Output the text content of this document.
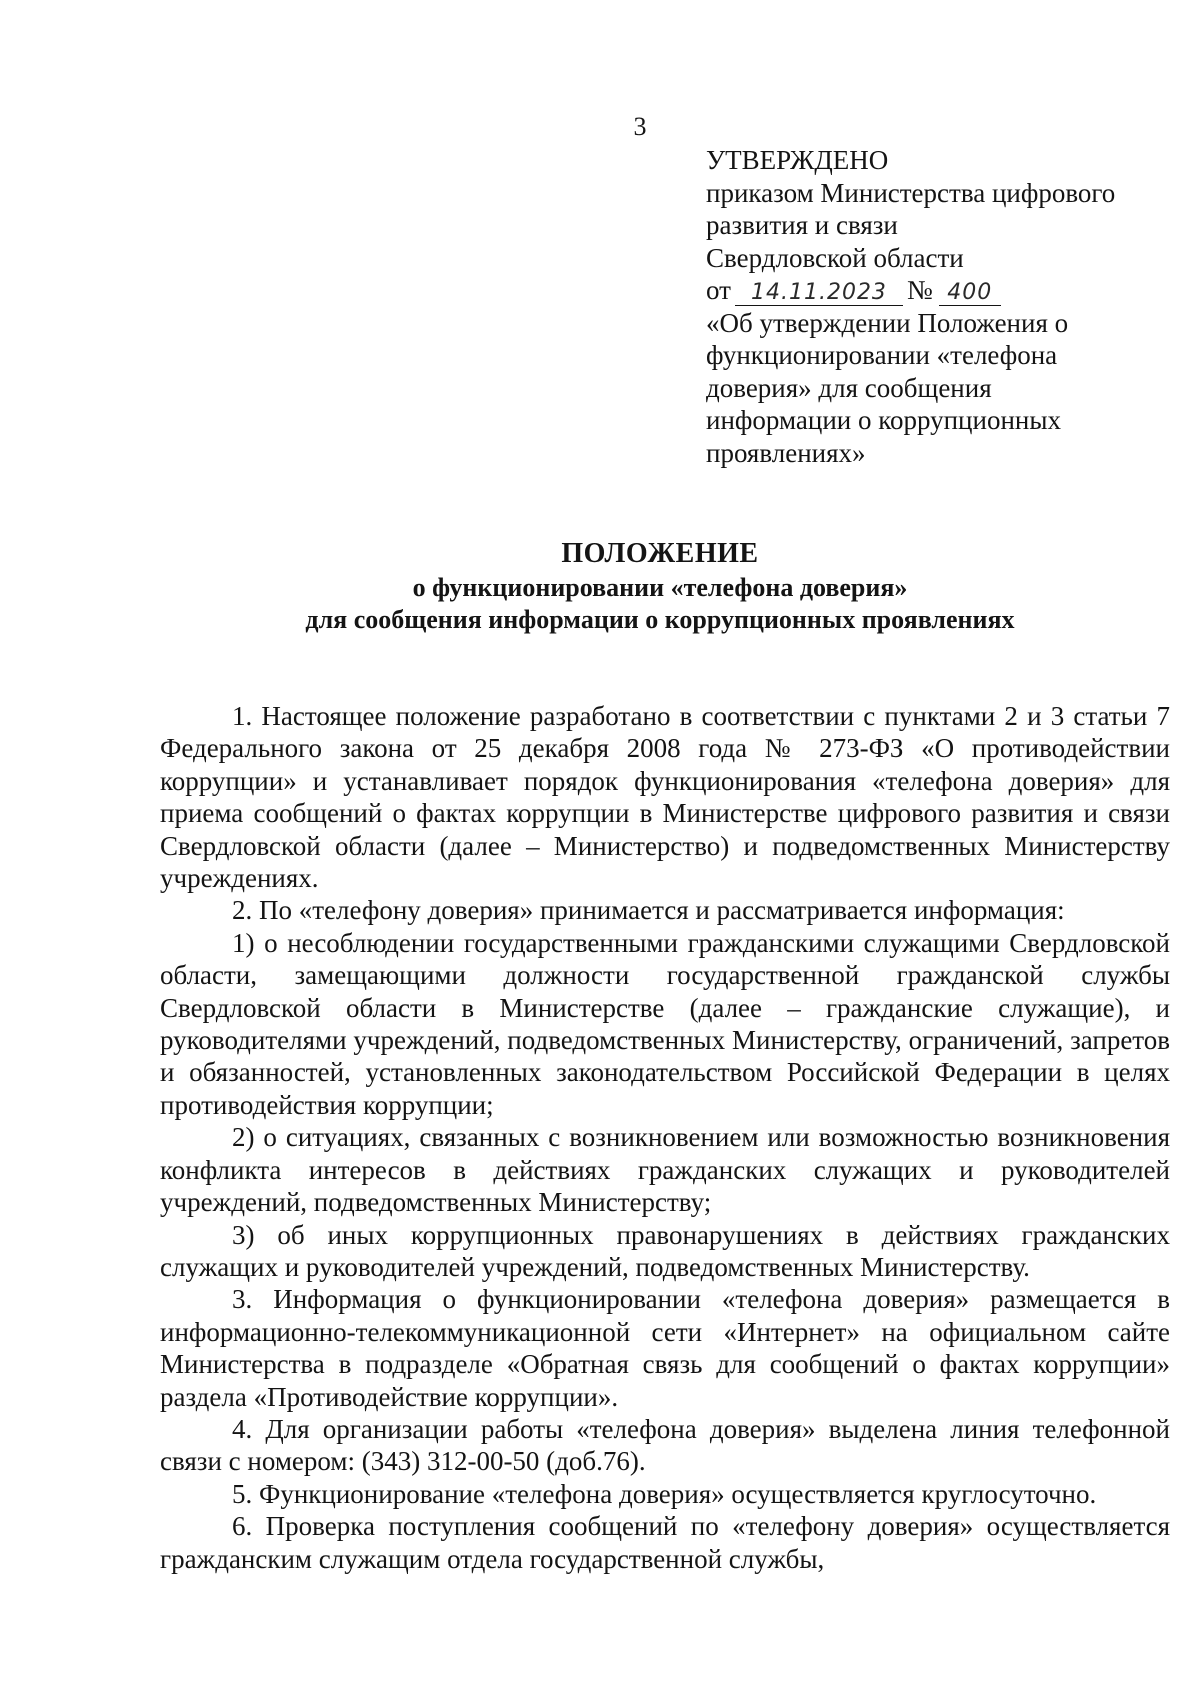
3
УТВЕРЖДЕНО
приказом Министерства цифрового
развития и связи
Свердловской области
от 14.11.2023 № 400
«Об утверждении Положения о
функционировании «телефона
доверия» для сообщения
информации о коррупционных
проявлениях»
ПОЛОЖЕНИЕ
о функционировании «телефона доверия»
для сообщения информации о коррупционных проявлениях

1. Настоящее положение разработано в соответствии с пунктами 2 и 3 статьи 7 Федерального закона от 25 декабря 2008 года № 273-ФЗ «О противодействии коррупции» и устанавливает порядок функционирования «телефона доверия» для приема сообщений о фактах коррупции в Министерстве цифрового развития и связи Свердловской области (далее – Министерство) и подведомственных Министерству учреждениях.

2. По «телефону доверия» принимается и рассматривается информация:

1) о несоблюдении государственными гражданскими служащими Свердловской области, замещающими должности государственной гражданской службы Свердловской области в Министерстве (далее – гражданские служащие), и руководителями учреждений, подведомственных Министерству, ограничений, запретов и обязанностей, установленных законодательством Российской Федерации в целях противодействия коррупции;

2) о ситуациях, связанных с возникновением или возможностью возникновения конфликта интересов в действиях гражданских служащих и руководителей учреждений, подведомственных Министерству;

3) об иных коррупционных правонарушениях в действиях гражданских служащих и руководителей учреждений, подведомственных Министерству.

3. Информация о функционировании «телефона доверия» размещается в информационно-телекоммуникационной сети «Интернет» на официальном сайте Министерства в подразделе «Обратная связь для сообщений о фактах коррупции» раздела «Противодействие коррупции».

4. Для организации работы «телефона доверия» выделена линия телефонной связи с номером: (343) 312-00-50 (доб.76).

5. Функционирование «телефона доверия» осуществляется круглосуточно.

6. Проверка поступления сообщений по «телефону доверия» осуществляется гражданским служащим отдела государственной службы,
